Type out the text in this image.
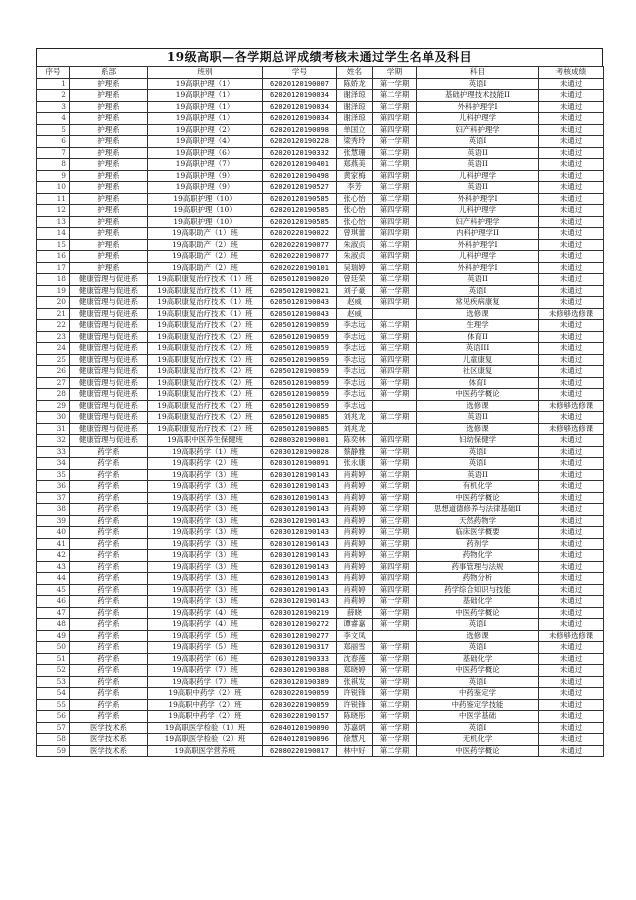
19级高职—各学期总评成绩考核未通过学生名单及科目
序号	系部	班别	学号	姓名	学期	科目	考核成绩
1	护理系	19高职护理（1）	62020120190007	陈娇龙	第一学期	英语I	未通过
2	护理系	19高职护理（1）	62020120190034	谢泽琼	第二学期	基础护理技术技能II	未通过
3	护理系	19高职护理（1）	62020120190034	谢泽琼	第二学期	外科护理学I	未通过
4	护理系	19高职护理（1）	62020120190034	谢泽琼	第四学期	儿科护理学	未通过
5	护理系	19高职护理（2）	62020120190098	单国立	第四学期	妇产科护理学	未通过
6	护理系	19高职护理（4）	62020120190228	梁秀玲	第一学期	英语I	未通过
7	护理系	19高职护理（6）	62020120190332	张慧珊	第二学期	英语II	未通过
8	护理系	19高职护理（7）	62020120190401	郑燕美	第二学期	英语II	未通过
9	护理系	19高职护理（9）	62020120190498	黄家梅	第四学期	儿科护理学	未通过
10	护理系	19高职护理（9）	62020120190527	李芳	第二学期	英语II	未通过
11	护理系	19高职护理（10）	62020120190585	张心怡	第二学期	外科护理学I	未通过
12	护理系	19高职护理（10）	62020120190585	张心怡	第四学期	儿科护理学	未通过
13	护理系	19高职护理（10）	62020120190585	张心怡	第四学期	妇产科护理学	未通过
14	护理系	19高职助产（1）班	62020220190022	曾琪蕾	第四学期	内科护理学II	未通过
15	护理系	19高职助产（2）班	62020220190077	朱淑贞	第二学期	外科护理学I	未通过
16	护理系	19高职助产（2）班	62020220190077	朱淑贞	第四学期	儿科护理学	未通过
17	护理系	19高职助产（2）班	62020220190101	吴瑞婷	第二学期	外科护理学I	未通过
18	健康管理与促进系	19高职康复治疗技术（1）班	62050120190020	曾廷荣	第二学期	英语II	未通过
19	健康管理与促进系	19高职康复治疗技术（1）班	62050120190021	刘子豪	第一学期	英语I	未通过
20	健康管理与促进系	19高职康复治疗技术（1）班	62050120190043	赵威	第四学期	常见疾病康复	未通过
21	健康管理与促进系	19高职康复治疗技术（1）班	62050120190043	赵威		选修课	未修够选修课
22	健康管理与促进系	19高职康复治疗技术（2）班	62050120190059	李志远	第二学期	生理学	未通过
23	健康管理与促进系	19高职康复治疗技术（2）班	62050120190059	李志远	第二学期	体育II	未通过
24	健康管理与促进系	19高职康复治疗技术（2）班	62050120190059	李志远	第三学期	英语III	未通过
25	健康管理与促进系	19高职康复治疗技术（2）班	62050120190059	李志远	第四学期	儿童康复	未通过
26	健康管理与促进系	19高职康复治疗技术（2）班	62050120190059	李志远	第四学期	社区康复	未通过
27	健康管理与促进系	19高职康复治疗技术（2）班	62050120190059	李志远	第一学期	体育I	未通过
28	健康管理与促进系	19高职康复治疗技术（2）班	62050120190059	李志远	第一学期	中医药学概论	未通过
29	健康管理与促进系	19高职康复治疗技术（2）班	62050120190059	李志远		选修课	未修够选修课
30	健康管理与促进系	19高职康复治疗技术（2）班	62050120190085	刘兆龙	第二学期	英语II	未通过
31	健康管理与促进系	19高职康复治疗技术（2）班	62050120190085	刘兆龙		选修课	未修够选修课
32	健康管理与促进系	19高职中医养生保健班	62080320190001	陈奕林	第四学期	妇幼保健学	未通过
33	药学系	19高职药学（1）班	62030120190028	蔡静雅	第一学期	英语I	未通过
34	药学系	19高职药学（2）班	62030120190091	张永康	第一学期	英语I	未通过
35	药学系	19高职药学（3）班	62030120190143	肖莉婷	第二学期	英语II	未通过
36	药学系	19高职药学（3）班	62030120190143	肖莉婷	第二学期	有机化学	未通过
37	药学系	19高职药学（3）班	62030120190143	肖莉婷	第一学期	中医药学概论	未通过
38	药学系	19高职药学（3）班	62030120190143	肖莉婷	第二学期	思想道德修养与法律基础II	未通过
39	药学系	19高职药学（3）班	62030120190143	肖莉婷	第三学期	天然药物学	未通过
40	药学系	19高职药学（3）班	62030120190143	肖莉婷	第三学期	临床医学概要	未通过
41	药学系	19高职药学（3）班	62030120190143	肖莉婷	第三学期	药剂学	未通过
42	药学系	19高职药学（3）班	62030120190143	肖莉婷	第三学期	药物化学	未通过
43	药学系	19高职药学（3）班	62030120190143	肖莉婷	第四学期	药事管理与法规	未通过
44	药学系	19高职药学（3）班	62030120190143	肖莉婷	第四学期	药物分析	未通过
45	药学系	19高职药学（3）班	62030120190143	肖莉婷	第四学期	药学综合知识与技能	未通过
46	药学系	19高职药学（3）班	62030120190143	肖莉婷	第一学期	基础化学	未通过
47	药学系	19高职药学（4）班	62030120190219	薛晓	第一学期	中医药学概论	未通过
48	药学系	19高职药学（4）班	62030120190272	谭睿嘉	第一学期	英语I	未通过
49	药学系	19高职药学（5）班	62030120190277	李文凤		选修课	未修够选修课
50	药学系	19高职药学（5）班	62030120190317	郑丽雪	第一学期	英语I	未通过
51	药学系	19高职药学（6）班	62030120190333	沈春莲	第一学期	基础化学	未通过
52	药学系	19高职药学（7）班	62030120190388	郑晓婷	第一学期	中医药学概论	未通过
53	药学系	19高职药学（7）班	62030120190389	张祺发	第一学期	英语I	未通过
54	药学系	19高职中药学（2）班	62030220190059	许锐锋	第一学期	中药鉴定学	未通过
55	药学系	19高职中药学（2）班	62030220190059	许锐锋	第二学期	中药鉴定学技能	未通过
56	药学系	19高职中药学（2）班	62030220190157	陈晓彤	第一学期	中医学基础	未通过
57	医学技术系	19高职医学检验（1）班	62040120190090	苏嘉炳	第一学期	英语I	未通过
58	医学技术系	19高职医学检验（2）班	62040120190096	徐慧凡	第一学期	无机化学	未通过
59	医学技术系	19高职医学营养班	62080220190017	林中好	第二学期	中医药学概论	未通过
